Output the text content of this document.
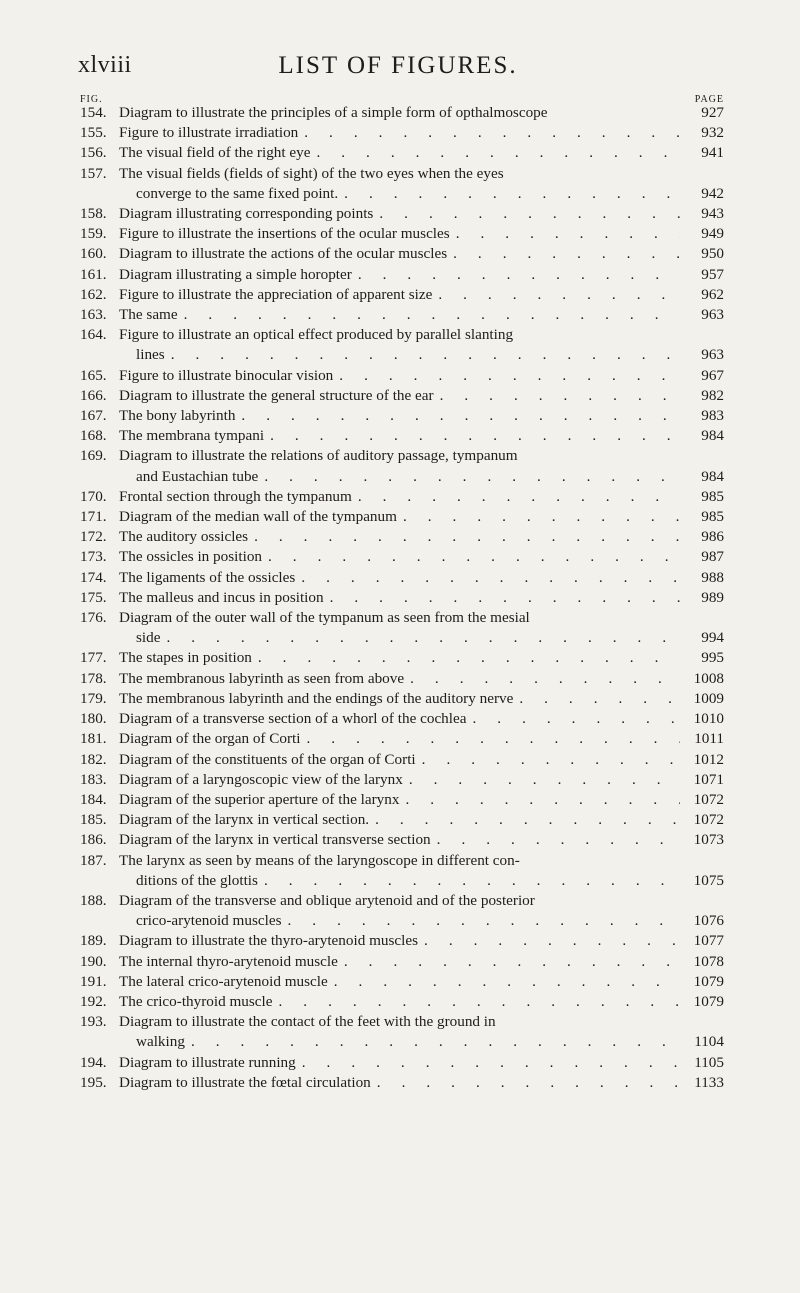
xlviii	LIST OF FIGURES.
FIG.	PAGE
154. Diagram to illustrate the principles of a simple form of opthalmoscope	927
155. Figure to illustrate irradiation . . .	932
156. The visual field of the right eye . . .	941
157. The visual fields (fields of sight) of the two eyes when the eyes
converge to the same fixed point. . . .	942
158. Diagram illustrating corresponding points . . .	943
159. Figure to illustrate the insertions of the ocular muscles . . .	949
160. Diagram to illustrate the actions of the ocular muscles . . .	950
161. Diagram illustrating a simple horopter . . .	957
162. Figure to illustrate the appreciation of apparent size . . .	962
163. The same . . .	963
164. Figure to illustrate an optical effect produced by parallel slanting
lines . . .	963
165. Figure to illustrate binocular vision . . .	967
166. Diagram to illustrate the general structure of the ear . . .	982
167. The bony labyrinth . . .	983
168. The membrana tympani . . .	984
169. Diagram to illustrate the relations of auditory passage, tympanum
and Eustachian tube . . .	984
170. Frontal section through the tympanum . . .	985
171. Diagram of the median wall of the tympanum . . .	985
172. The auditory ossicles . . .	986
173. The ossicles in position . . .	987
174. The ligaments of the ossicles . . .	988
175. The malleus and incus in position . . .	989
176. Diagram of the outer wall of the tympanum as seen from the mesial
side . . .	994
177. The stapes in position . . .	995
178. The membranous labyrinth as seen from above . . .	1008
179. The membranous labyrinth and the endings of the auditory nerve . . .	1009
180. Diagram of a transverse section of a whorl of the cochlea . . .	1010
181. Diagram of the organ of Corti . . .	1011
182. Diagram of the constituents of the organ of Corti . . .	1012
183. Diagram of a laryngoscopic view of the larynx . . .	1071
184. Diagram of the superior aperture of the larynx . . .	1072
185. Diagram of the larynx in vertical section. . . .	1072
186. Diagram of the larynx in vertical transverse section . . .	1073
187. The larynx as seen by means of the laryngoscope in different con-
ditions of the glottis . . .	1075
188. Diagram of the transverse and oblique arytenoid and of the posterior
crico-arytenoid muscles . . .	1076
189. Diagram to illustrate the thyro-arytenoid muscles . . .	1077
190. The internal thyro-arytenoid muscle . . .	1078
191. The lateral crico-arytenoid muscle . . .	1079
192. The crico-thyroid muscle . . .	1079
193. Diagram to illustrate the contact of the feet with the ground in
walking . . .	1104
194. Diagram to illustrate running . . .	1105
195. Diagram to illustrate the fœtal circulation . . .	1133
